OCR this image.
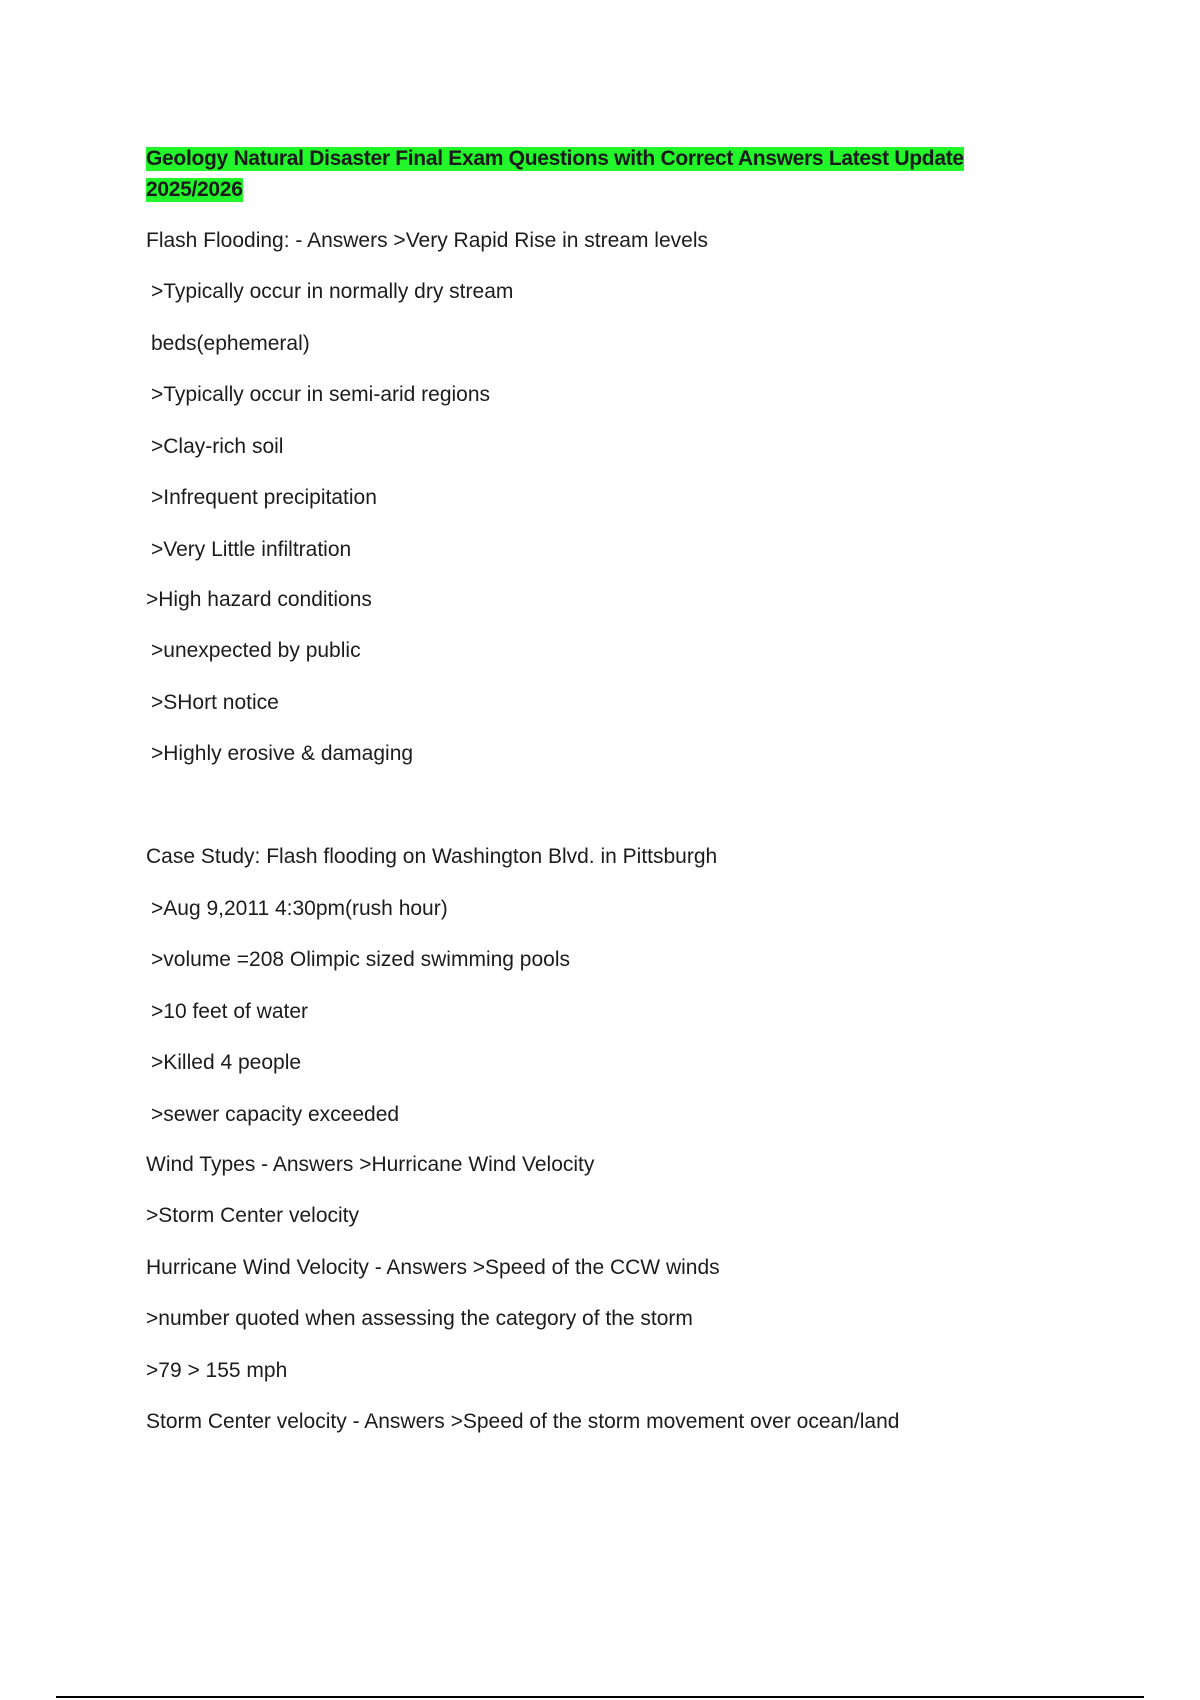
Geology Natural Disaster Final Exam Questions with Correct Answers Latest Update 2025/2026
Flash Flooding: - Answers >Very Rapid Rise in stream levels
>Typically occur in normally dry stream
beds(ephemeral)
>Typically occur in semi-arid regions
>Clay-rich soil
>Infrequent precipitation
>Very Little infiltration
>High hazard conditions
>unexpected by public
>SHort notice
>Highly erosive & damaging
Case Study: Flash flooding on Washington Blvd. in Pittsburgh
>Aug 9,2011 4:30pm(rush hour)
>volume =208 Olimpic sized swimming pools
>10 feet of water
>Killed 4 people
>sewer capacity exceeded
Wind Types - Answers >Hurricane Wind Velocity
>Storm Center velocity
Hurricane Wind Velocity - Answers >Speed of the CCW winds
>number quoted when assessing the category of the storm
>79 > 155 mph
Storm Center velocity - Answers >Speed of the storm movement over ocean/land
